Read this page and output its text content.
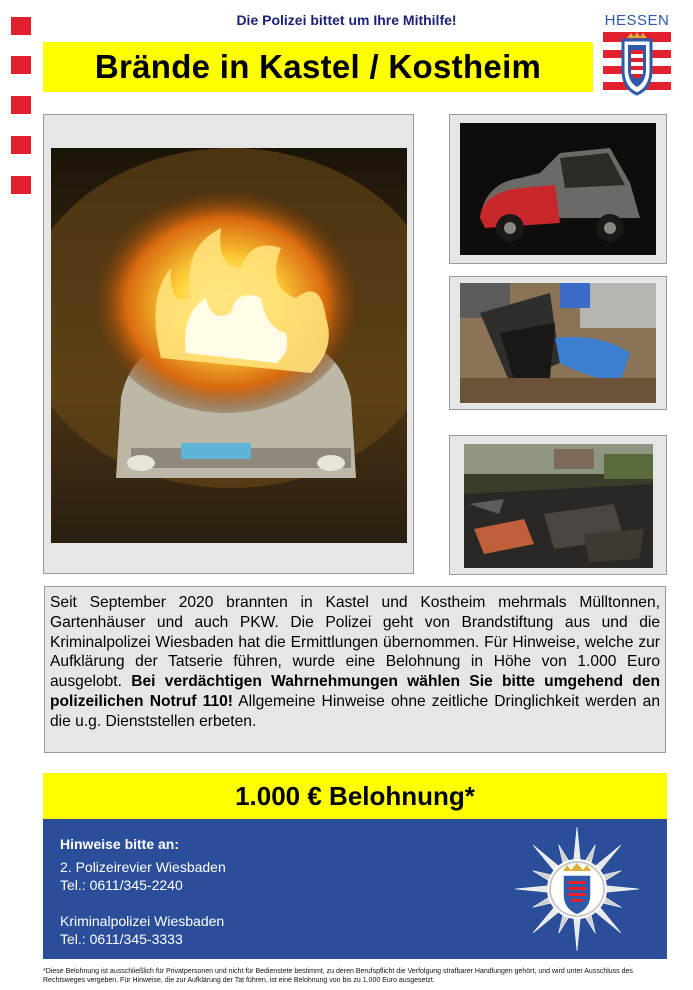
Die Polizei bittet um Ihre Mithilfe!
Brände in Kastel / Kostheim
HESSEN
Seit September 2020 brannten in Kastel und Kostheim mehrmals Mülltonnen, Gartenhäuser und auch PKW. Die Polizei geht von Brandstiftung aus und die Kriminalpolizei Wiesbaden hat die Ermittlungen übernommen. Für Hinweise, welche zur Aufklärung der Tatserie führen, wurde eine Belohnung in Höhe von 1.000 Euro ausgelobt. Bei verdächtigen Wahrnehmungen wählen Sie bitte umgehend den polizeilichen Notruf 110! Allgemeine Hinweise ohne zeitliche Dringlichkeit werden an die u.g. Dienststellen erbeten.
1.000 € Belohnung*
Hinweise bitte an:
2. Polizeirevier Wiesbaden
Tel.: 0611/345-2240
Kriminalpolizei Wiesbaden
Tel.: 0611/345-3333
*Diese Belohnung ist ausschließlich für Privatpersonen und nicht für Bedienstete bestimmt, zu deren Berufspflicht die Verfolgung strafbarer Handlungen gehört, und wird unter Ausschluss des Rechtsweges vergeben. Für Hinweise, die zur Aufklärung der Tat führen, ist eine Belohnung von bis zu 1.000 Euro ausgesetzt.
